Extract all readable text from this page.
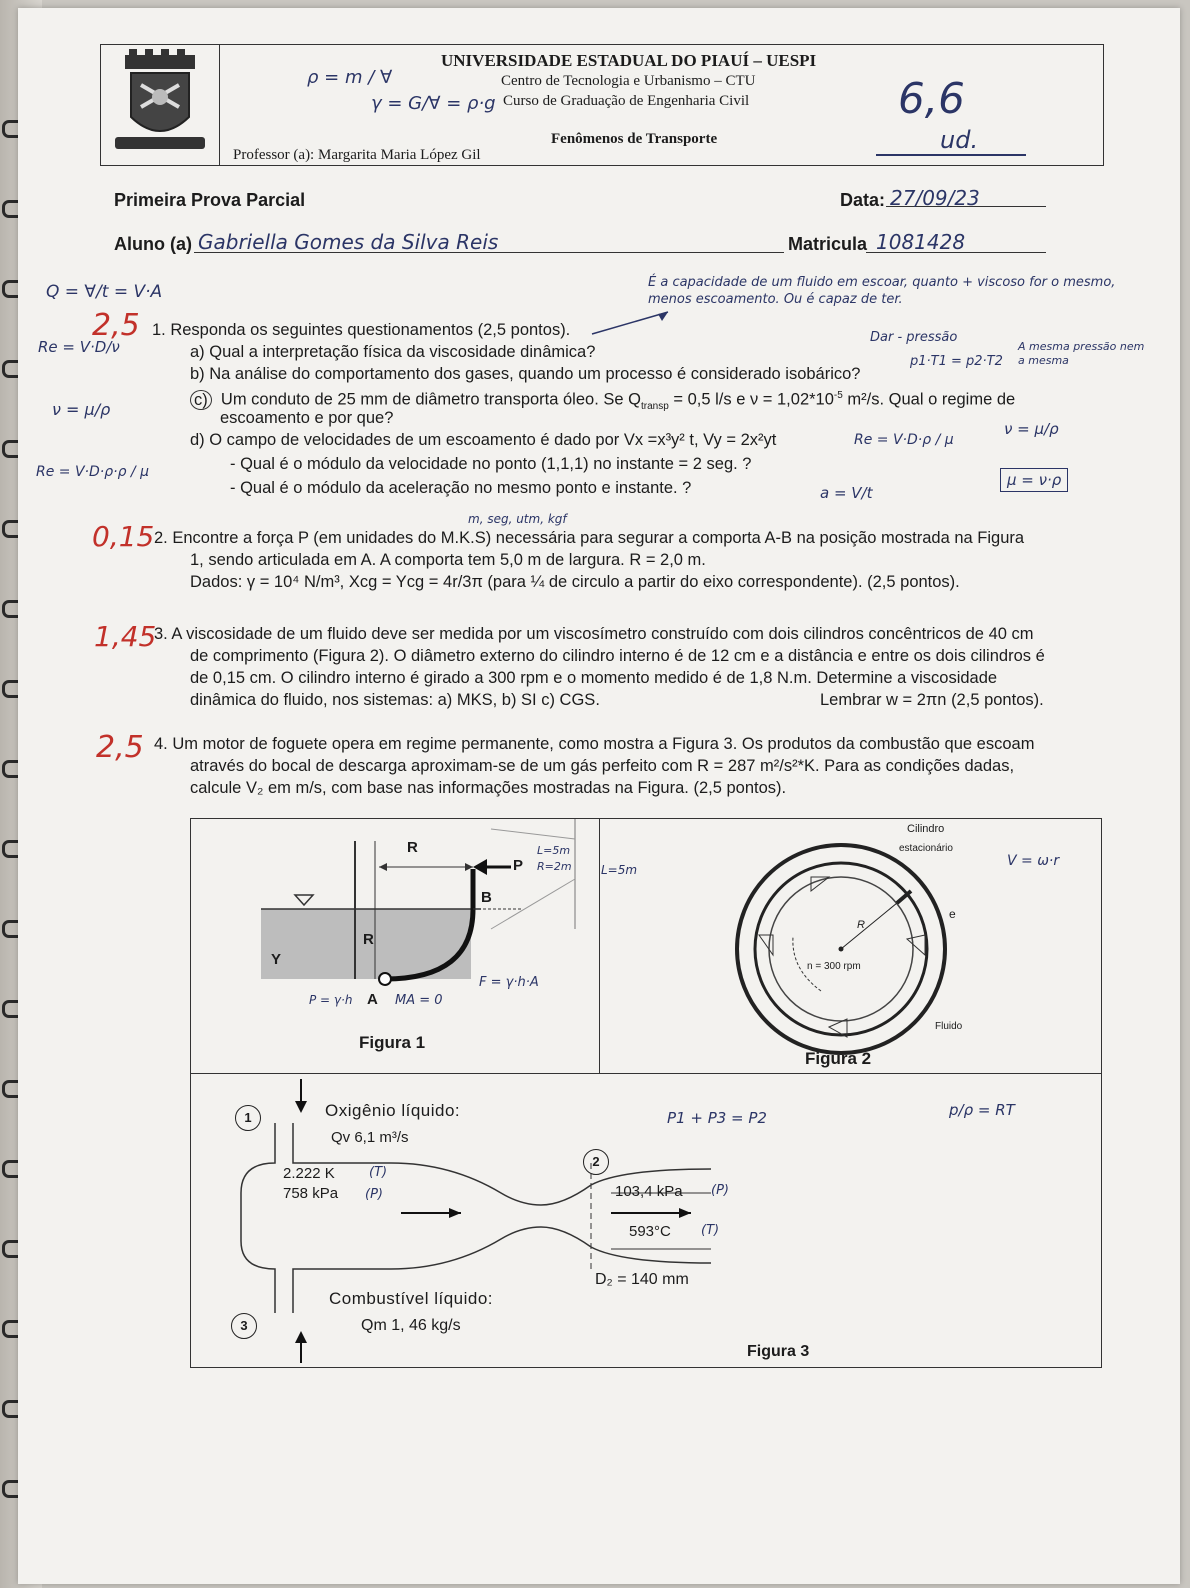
UNIVERSIDADE ESTADUAL DO PIAUÍ – UESPI
Centro de Tecnologia e Urbanismo – CTU
Curso de Graduação de Engenharia Civil
Fenômenos de Transporte
Professor (a): Margarita Maria López Gil
ρ = m / ∀
γ = G/∀ = ρ·g	6,6
ud.
Primeira Prova Parcial	Data: 27/09/23
Aluno (a) Gabriella Gomes da Silva Reis	Matricula 1081428
Q = ∀/t = V·A
Re = V·D/ν
ν = μ/ρ
Re = V·D·ρ·ρ / μ
2,5
0,15
1,45
2,5
É a capacidade de um fluido em escoar, quanto + viscoso for o mesmo, menos escoamento. Ou é capaz de ter.
Dar - pressão
p1·T1 = p2·T2
A mesma pressão nem a mesma
Re = V·D·ρ / μ
ν = μ/ρ
a = V/t
μ = ν·ρ
m, seg, utm, kgf
1. Responda os seguintes questionamentos (2,5 pontos).
a) Qual a interpretação física da viscosidade dinâmica?
b) Na análise do comportamento dos gases, quando um processo é considerado isobárico?
c) Um conduto de 25 mm de diâmetro transporta óleo. Se $Q_{transp} = 0,5$ l/s e $\nu = 1,02*10^{-5}$ m²/s. Qual o regime de
escoamento e por que?
d) O campo de velocidades de um escoamento é dado por Vx =x³y² t, Vy = 2x²yt
- Qual é o módulo da velocidade no ponto (1,1,1) no instante = 2 seg. ?
- Qual é o módulo da aceleração no mesmo ponto e instante. ?
2. Encontre a força P (em unidades do M.K.S) necessária para segurar a comporta A-B na posição mostrada na Figura
1, sendo articulada em A. A comporta tem 5,0 m de largura. R = 2,0 m.
Dados: γ = 10⁴ N/m³, Xcg = Ycg = 4r/3π (para ¼ de circulo a partir do eixo correspondente). (2,5 pontos).
3. A viscosidade de um fluido deve ser medida por um viscosímetro construído com dois cilindros concêntricos de 40 cm
de comprimento (Figura 2). O diâmetro externo do cilindro interno é de 12 cm e a distância e entre os dois cilindros é
de 0,15 cm. O cilindro interno é girado a 300 rpm e o momento medido é de 1,8 N.m. Determine a viscosidade
dinâmica do fluido, nos sistemas: a) MKS, b) SI c) CGS.	Lembrar w = 2πn (2,5 pontos).
4. Um motor de foguete opera em regime permanente, como mostra a Figura 3. Os produtos da combustão que escoam
através do bocal de descarga aproximam-se de um gás perfeito com R = 287 m²/s²*K. Para as condições dadas,
calcule V₂ em m/s, com base nas informações mostradas na Figura. (2,5 pontos).
R
P
B
R
Y
A
Figura 1
L=5m R=2m	L=5m
P = γ·h	MA = 0
F = γ·h·A
Cilindro
estacionário
e
R
n = 300 rpm
Fluido
Figura 2
V = ω·r
1
2
3
Oxigênio líquido:
Qv 6,1 m³/s
2.222 K	(T)
758 kPa (P)	103,4 kPa (P)
593°C (T)
D₂ = 140 mm
Combustível líquido:
Qm 1, 46 kg/s
Figura 3
P1 + P3 = P2	p/ρ = RT
